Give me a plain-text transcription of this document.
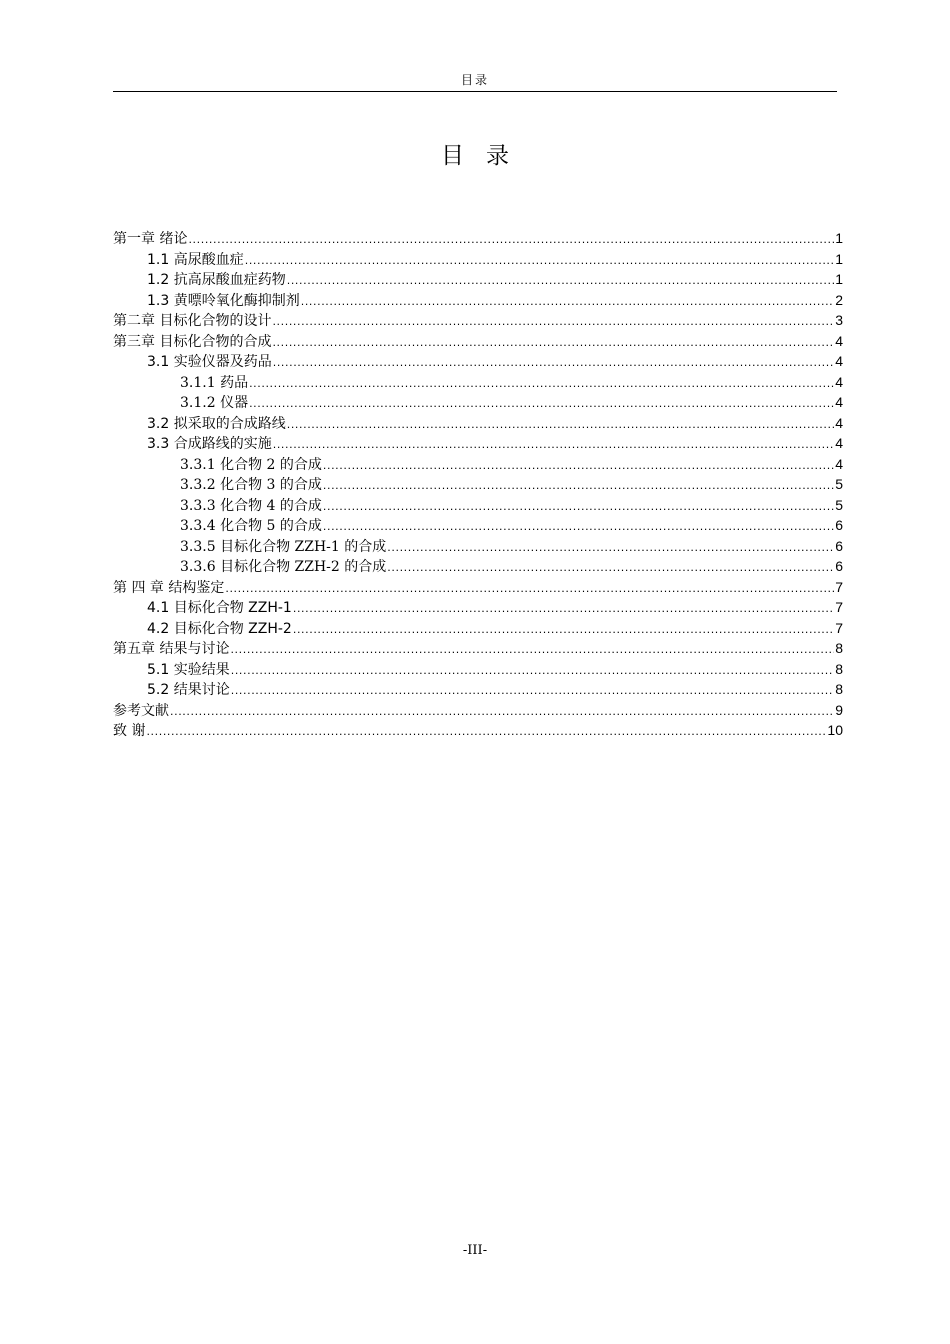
目录
目录
第一章 绪论 .....	1
1.1 高尿酸血症 .....	1
1.2 抗高尿酸血症药物 .....	1
1.3 黄嘌呤氧化酶抑制剂 .....	2
第二章 目标化合物的设计 .....	3
第三章 目标化合物的合成 .....	4
3.1 实验仪器及药品 .....	4
3.1.1 药品 .....	4
3.1.2 仪器 .....	4
3.2 拟采取的合成路线 .....	4
3.3 合成路线的实施 .....	4
3.3.1 化合物 2 的合成 .....	4
3.3.2 化合物 3 的合成 .....	5
3.3.3 化合物 4 的合成 .....	5
3.3.4 化合物 5 的合成 .....	6
3.3.5 目标化合物 ZZH-1 的合成 .....	6
3.3.6 目标化合物 ZZH-2 的合成 .....	6
第 四 章 结构鉴定 .....	7
4.1 目标化合物 ZZH-1 .....	7
4.2 目标化合物 ZZH-2 .....	7
第五章 结果与讨论 .....	8
5.1 实验结果 .....	8
5.2 结果讨论 .....	8
参考文献 .....	9
致 谢 .....	10
-III-
